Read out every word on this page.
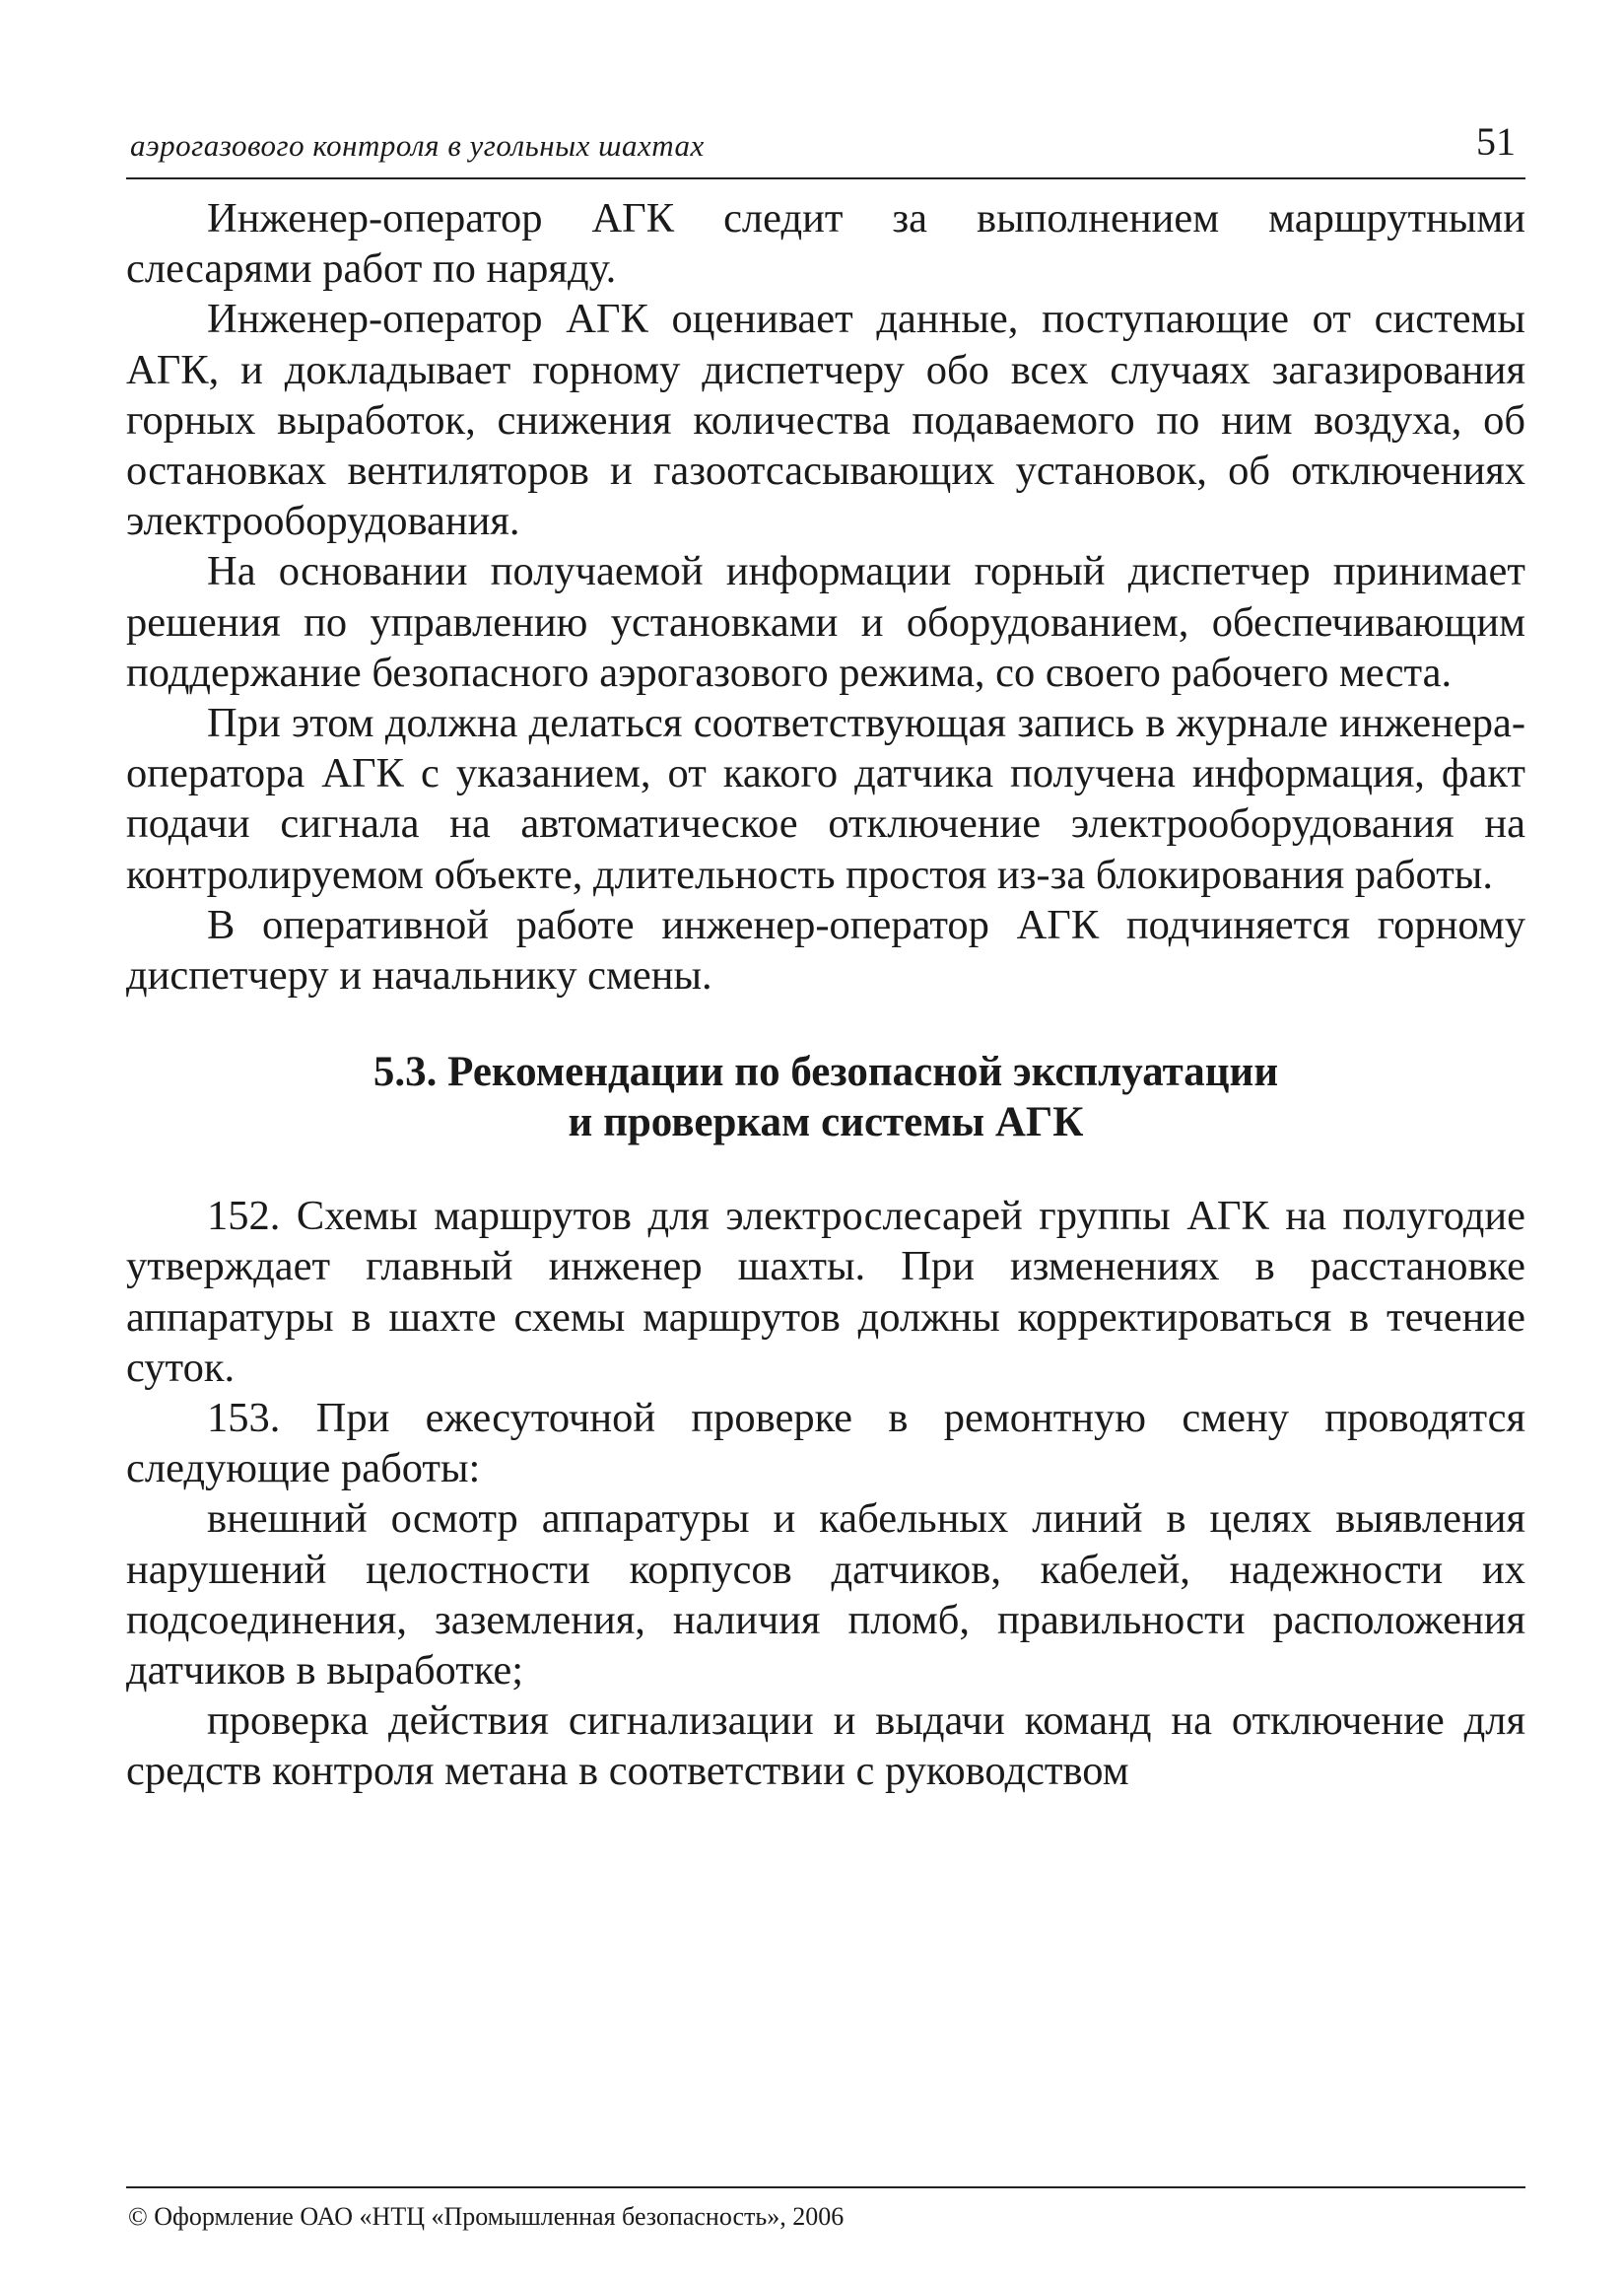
аэрогазового контроля в угольных шахтах	51

Инженер-оператор АГК следит за выполнением маршрутными слесарями работ по наряду.

Инженер-оператор АГК оценивает данные, поступающие от системы АГК, и докладывает горному диспетчеру обо всех случаях загазирования горных выработок, снижения количества подаваемого по ним воздуха, об остановках вентиляторов и газоотсасывающих установок, об отключениях электрооборудования.

На основании получаемой информации горный диспетчер принимает решения по управлению установками и оборудованием, обеспечивающим поддержание безопасного аэрогазового режима, со своего рабочего места.

При этом должна делаться соответствующая запись в журнале инженера-оператора АГК с указанием, от какого датчика получена информация, факт подачи сигнала на автоматическое отключение электрооборудования на контролируемом объекте, длительность простоя из-за блокирования работы.

В оперативной работе инженер-оператор АГК подчиняется горному диспетчеру и начальнику смены.

5.3. Рекомендации по безопасной эксплуатации
и проверкам системы АГК

152. Схемы маршрутов для электрослесарей группы АГК на полугодие утверждает главный инженер шахты. При изменениях в расстановке аппаратуры в шахте схемы маршрутов должны корректироваться в течение суток.

153. При ежесуточной проверке в ремонтную смену проводятся следующие работы:

внешний осмотр аппаратуры и кабельных линий в целях выявления нарушений целостности корпусов датчиков, кабелей, надежности их подсоединения, заземления, наличия пломб, правильности расположения датчиков в выработке;

проверка действия сигнализации и выдачи команд на отключение для средств контроля метана в соответствии с руководством

© Оформление ОАО «НТЦ «Промышленная безопасность», 2006
